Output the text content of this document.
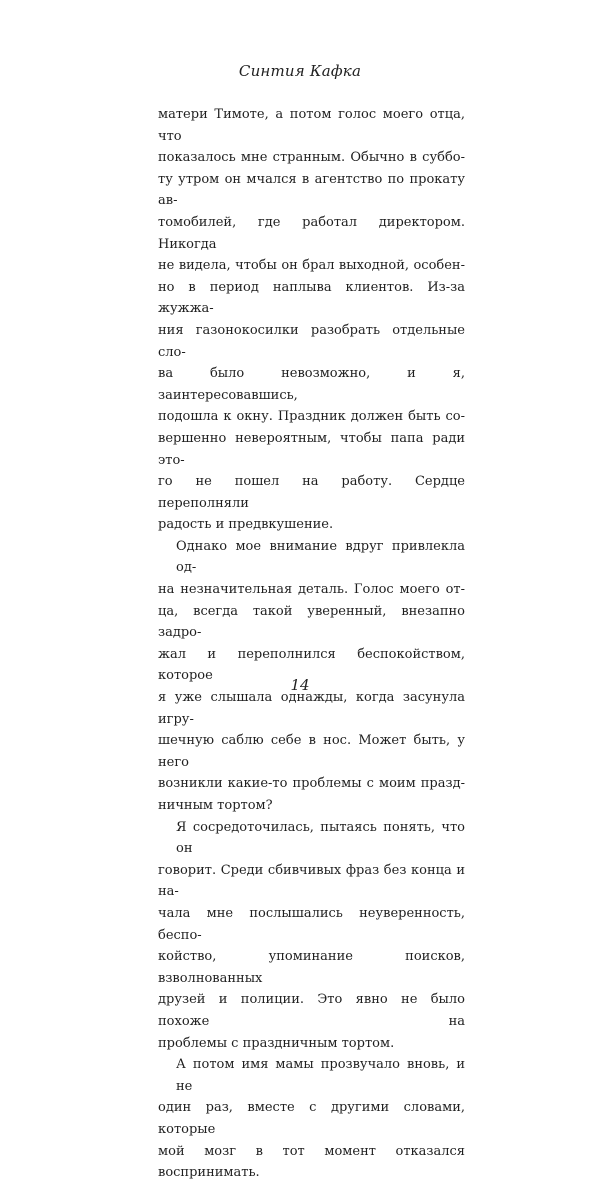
Синтия Кафка

матери Тимоте, а потом голос моего отца, что

показалось мне странным. Обычно в суббо-

ту утром он мчался в агентство по прокату ав-

томобилей, где работал директором. Никогда

не видела, чтобы он брал выходной, особен-

но в период наплыва клиентов. Из-за жужжа-

ния газонокосилки разобрать отдельные сло-

ва было невозможно, и я, заинтересовавшись,

подошла к окну. Праздник должен быть со-

вершенно невероятным, чтобы папа ради это-

го не пошел на работу. Сердце переполняли

радость и предвкушение.

Однако мое внимание вдруг привлекла од-

на незначительная деталь. Голос моего от-

ца, всегда такой уверенный, внезапно задро-

жал и переполнился беспокойством, которое

я уже слышала однажды, когда засунула игру-

шечную саблю себе в нос. Может быть, у него

возникли какие-то проблемы с моим празд-

ничным тортом?

Я сосредоточилась, пытаясь понять, что он

говорит. Среди сбивчивых фраз без конца и на-

чала мне послышались неуверенность, беспо-

койство, упоминание поисков, взволнованных

друзей и полиции. Это явно не было похоже на

проблемы с праздничным тортом.

А потом имя мамы прозвучало вновь, и не

один раз, вместе с другими словами, которые

мой мозг в тот момент отказался воспринимать.

14
